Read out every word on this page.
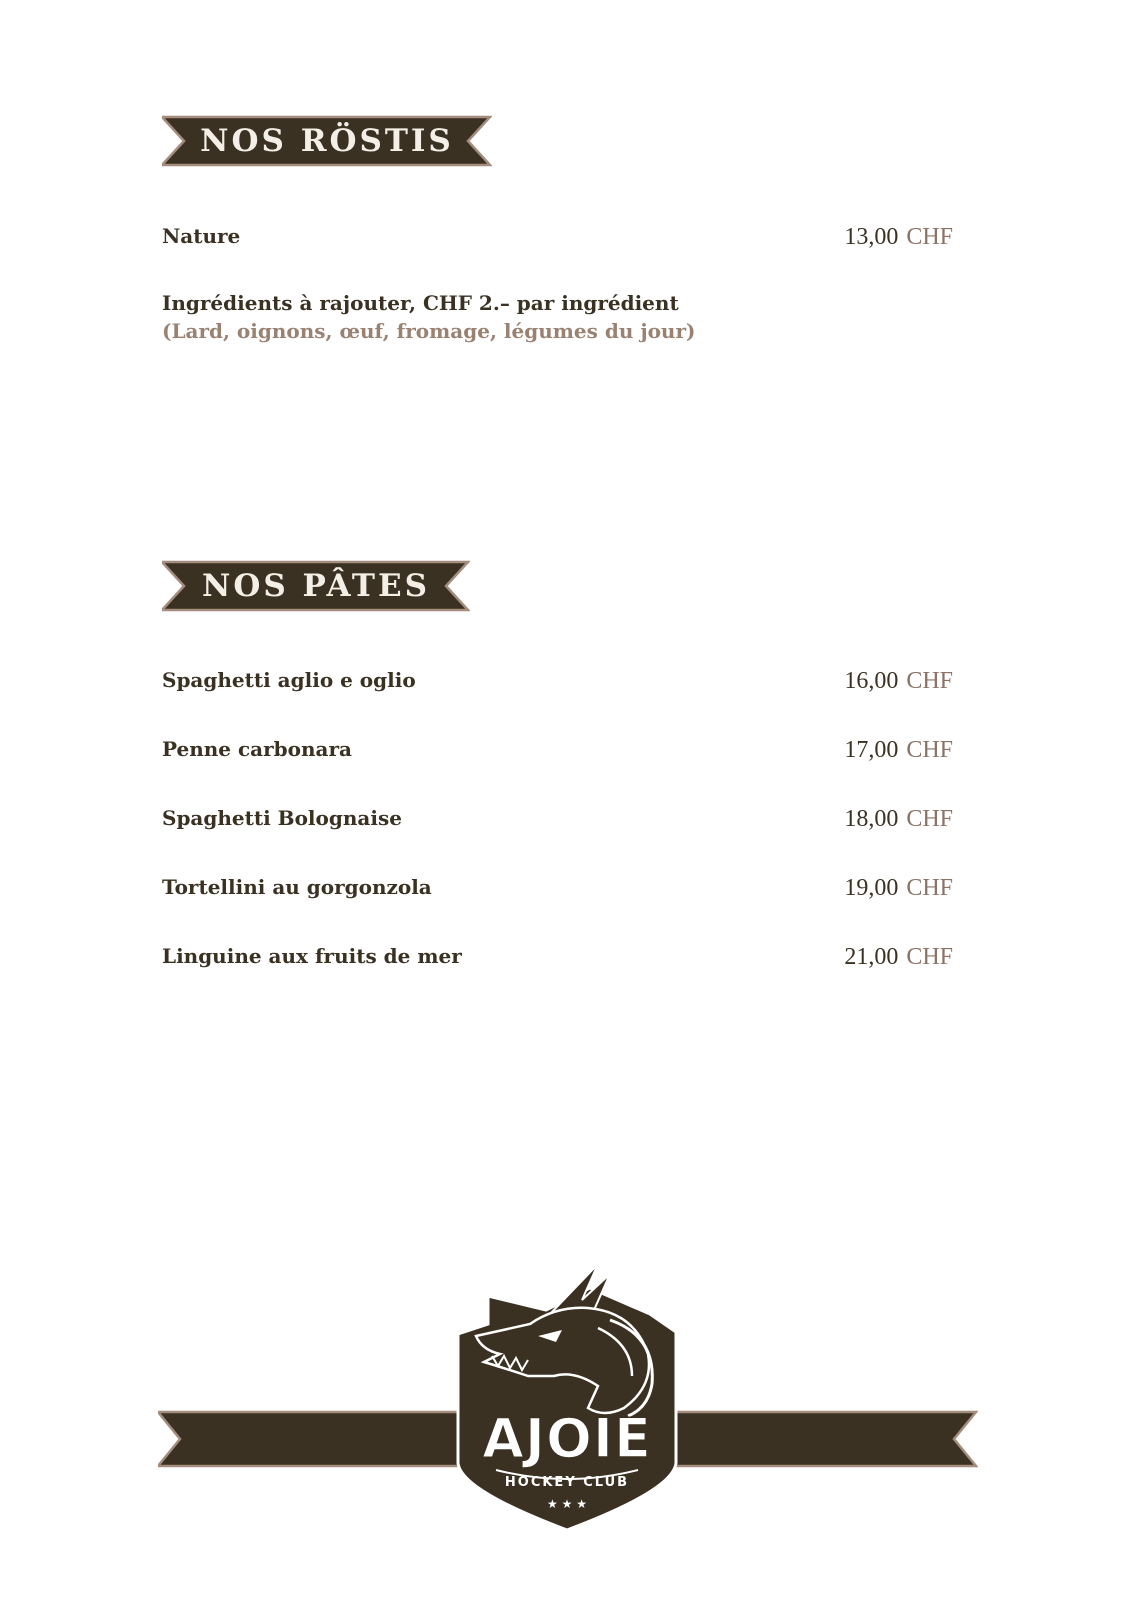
NOS RÖSTIS
Nature	13,00 CHF
Ingrédients à rajouter, CHF 2.– par ingrédient
(Lard, oignons, œuf, fromage, légumes du jour)
NOS PÂTES
Spaghetti aglio e oglio	16,00 CHF
Penne carbonara	17,00 CHF
Spaghetti Bolognaise	18,00 CHF
Tortellini au gorgonzola	19,00 CHF
Linguine aux fruits de mer	21,00 CHF
AJOIE
HOCKEY CLUB
★ ★ ★
